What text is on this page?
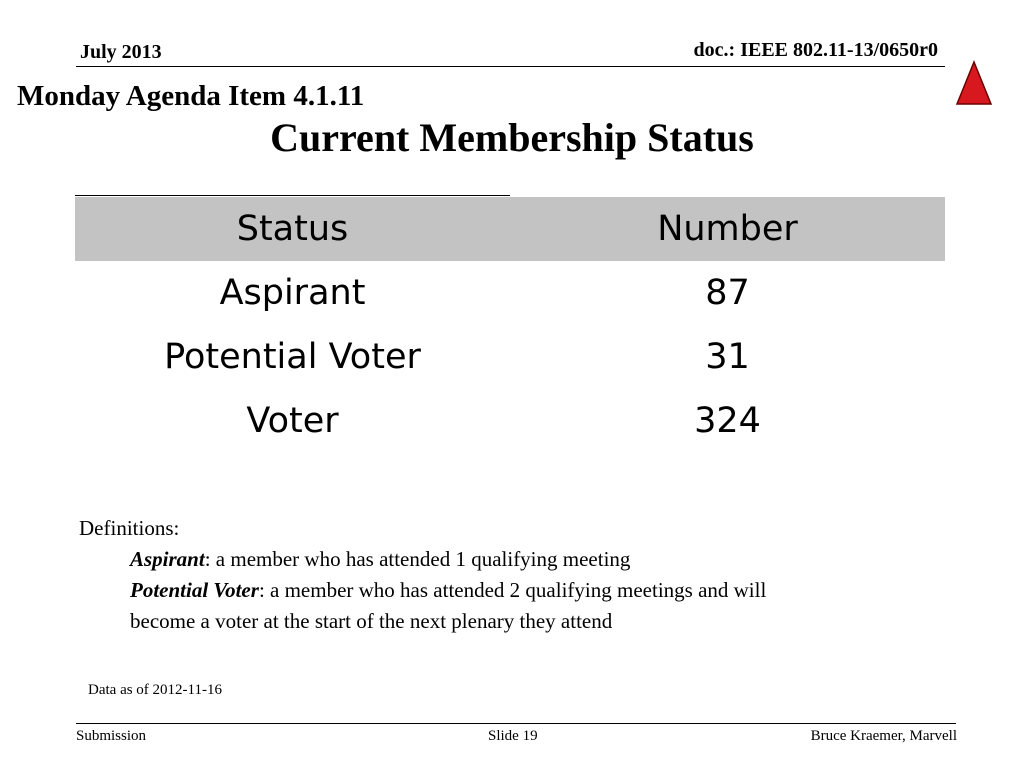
July 2013	doc.: IEEE 802.11-13/0650r0
Monday Agenda Item 4.1.11
Current Membership Status
Status	Number
Aspirant	87
Potential Voter	31
Voter	324
Definitions:
Aspirant: a member who has attended 1 qualifying meeting
Potential Voter: a member who has attended 2 qualifying meetings and will
become a voter at the start of the next plenary they attend
Data as of 2012-11-16
Submission	Slide 19	Bruce Kraemer, Marvell
